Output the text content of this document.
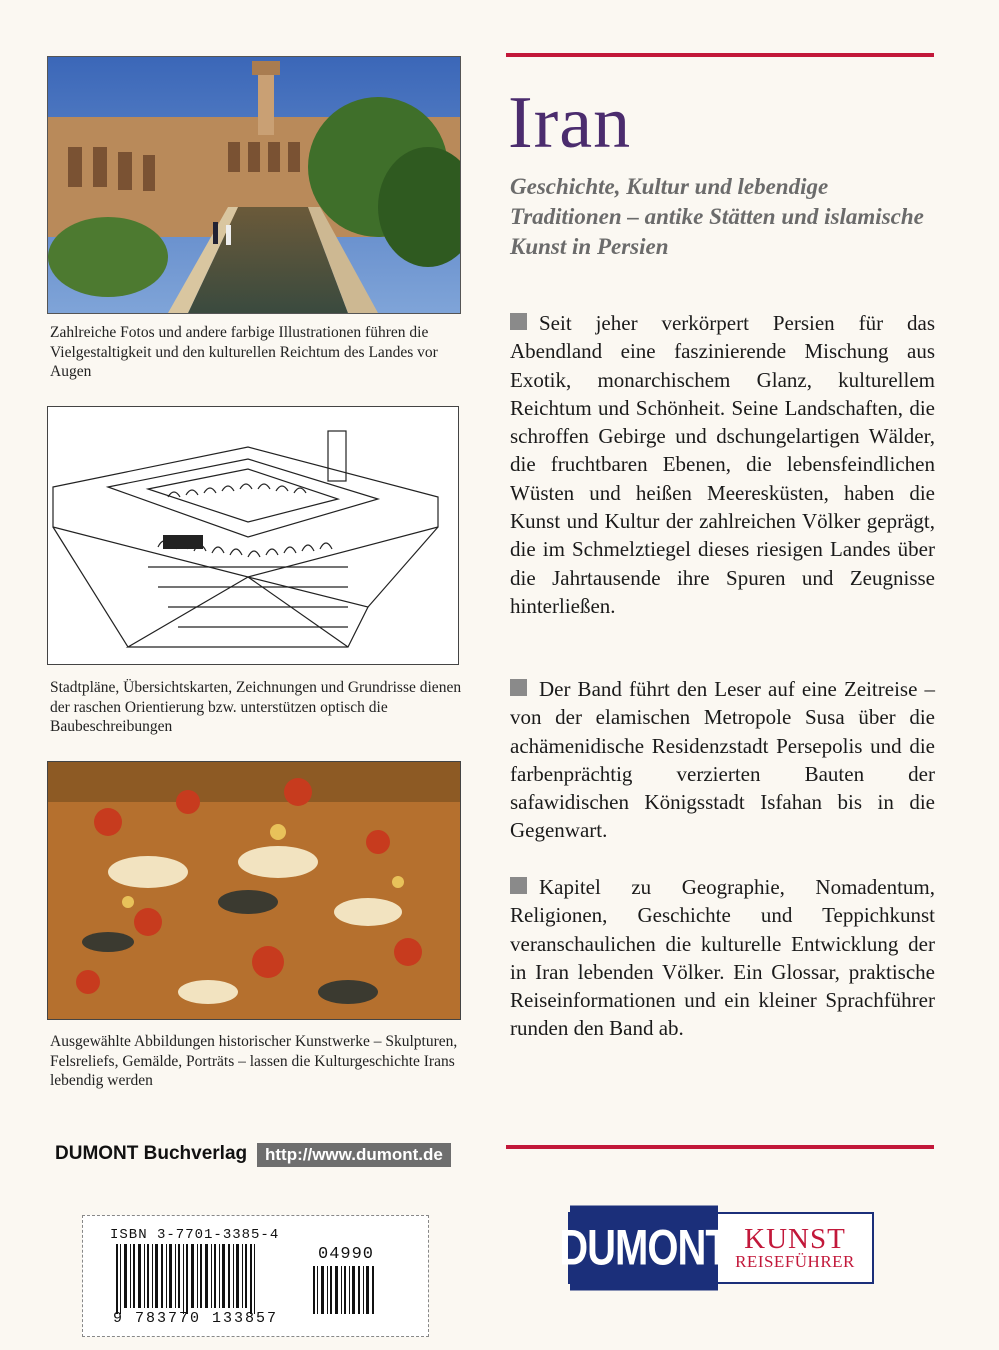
Zahlreiche Fotos und andere farbige Illustrationen führen die Vielgestaltigkeit und den kulturellen Reichtum des Landes vor Augen
Stadtpläne, Übersichtskarten, Zeichnungen und Grundrisse dienen der raschen Orientierung bzw. unterstützen optisch die Baubeschreibungen
Ausgewählte Abbildungen historischer Kunstwerke – Skulpturen, Felsreliefs, Gemälde, Porträts – lassen die Kulturgeschichte Irans lebendig werden
DUMONT Buchverlag	http://www.dumont.de
ISBN 3-7701-3385-4
04990
9 783770 133857
Iran
Geschichte, Kultur und lebendige Traditionen – antike Stätten und islamische Kunst in Persien
Seit jeher verkörpert Persien für das Abendland eine faszinierende Mischung aus Exotik, monarchischem Glanz, kulturellem Reichtum und Schönheit. Seine Landschaften, die schroffen Gebirge und dschungelartigen Wälder, die fruchtbaren Ebenen, die lebensfeindlichen Wüsten und heißen Meeresküsten, haben die Kunst und Kultur der zahlreichen Völker geprägt, die im Schmelztiegel dieses riesigen Landes über die Jahrtausende ihre Spuren und Zeugnisse hinterließen.
Der Band führt den Leser auf eine Zeitreise – von der elamischen Metropole Susa über die achämenidische Residenzstadt Persepolis und die farbenprächtig verzierten Bauten der safawidischen Königsstadt Isfahan bis in die Gegenwart.
Kapitel zu Geographie, Nomadentum, Religionen, Geschichte und Teppichkunst veranschaulichen die kulturelle Entwicklung der in Iran lebenden Völker. Ein Glossar, praktische Reiseinformationen und ein kleiner Sprachführer runden den Band ab.
DUMONT KUNST
REISEFÜHRER
